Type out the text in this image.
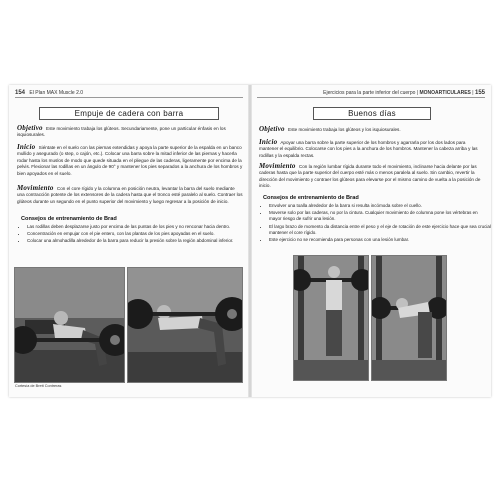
154 El Plan MAX Muscle 2.0
Empuje de cadera con barra
Objetivo Este movimiento trabaja los glúteos. Secundariamente, pone un particular énfasis en los isquiosurales.
Inicio Siéntate en el suelo con las piernas extendidas y apoya la parte superior de la espalda en un banco mullido y asegurado (o step, o cajón, etc.). Colocar una barra sobre la mitad inferior de las piernas y hacerla rodar hasta los muslos de modo que quede situada en el pliegue de las caderas, ligeramente por encima de la pelvis. Flexionar las rodillas en un ángulo de 90° y mantener los pies separados a la anchura de los hombros y bien apoyados en el suelo.
Movimiento Con el core rígido y la columna en posición neutra, levantar la barra del suelo mediante una contracción potente de los extensores de la cadera hasta que el tronco esté paralelo al suelo. Contraer los glúteos durante un segundo en el punto superior del movimiento y luego regresar a la posición de inicio.
Consejos de entrenamiento de Brad
• Las rodillas deben desplazarse justo por encima de las puntas de los pies y no renconar hacia dentro.
• Concentración en empujar con el pie entero, con las plantas de los pies apoyadas en el suelo.
• Colocar una almohadilla alrededor de la barra para reducir la presión sobre la región abdominal inferior.
Cortesía de Brett Contreras
Ejercicios para la parte inferior del cuerpo | MONOARTICULARES | 155
Buenos días
Objetivo Este movimiento trabaja los glúteos y los isquiosurales.
Inicio Apoyar una barra sobre la parte superior de los hombros y agarrarla por los dos lados para mantener el equilibrio. Colocarse con los pies a la anchura de los hombros. Mantener la cabeza arriba y las rodillas y la espalda rectas.
Movimiento Con la región lumbar rígida durante todo el movimiento, inclinarse hacia delante por las caderas hasta que la parte superior del cuerpo esté más o menos paralela al suelo. Sin cambio, revertir la dirección del movimiento y contraer los glúteos para elevarse por el mismo camino de vuelta a la posición de inicio.
Consejos de entrenamiento de Brad
• Envolver una toalla alrededor de la barra si resulta incómoda sobre el cuello.
• Moverse solo por las caderas, no por la cintura. Cualquier movimiento de columna pone los vértebras en mayor riesgo de sufrir una lesión.
• El largo brazo de momento da distancia entre el peso y el eje de rotación de este ejercicio hace que sea crucial mantener el core rígido.
• Este ejercicio no se recomienda para personas con una lesión lumbar.
